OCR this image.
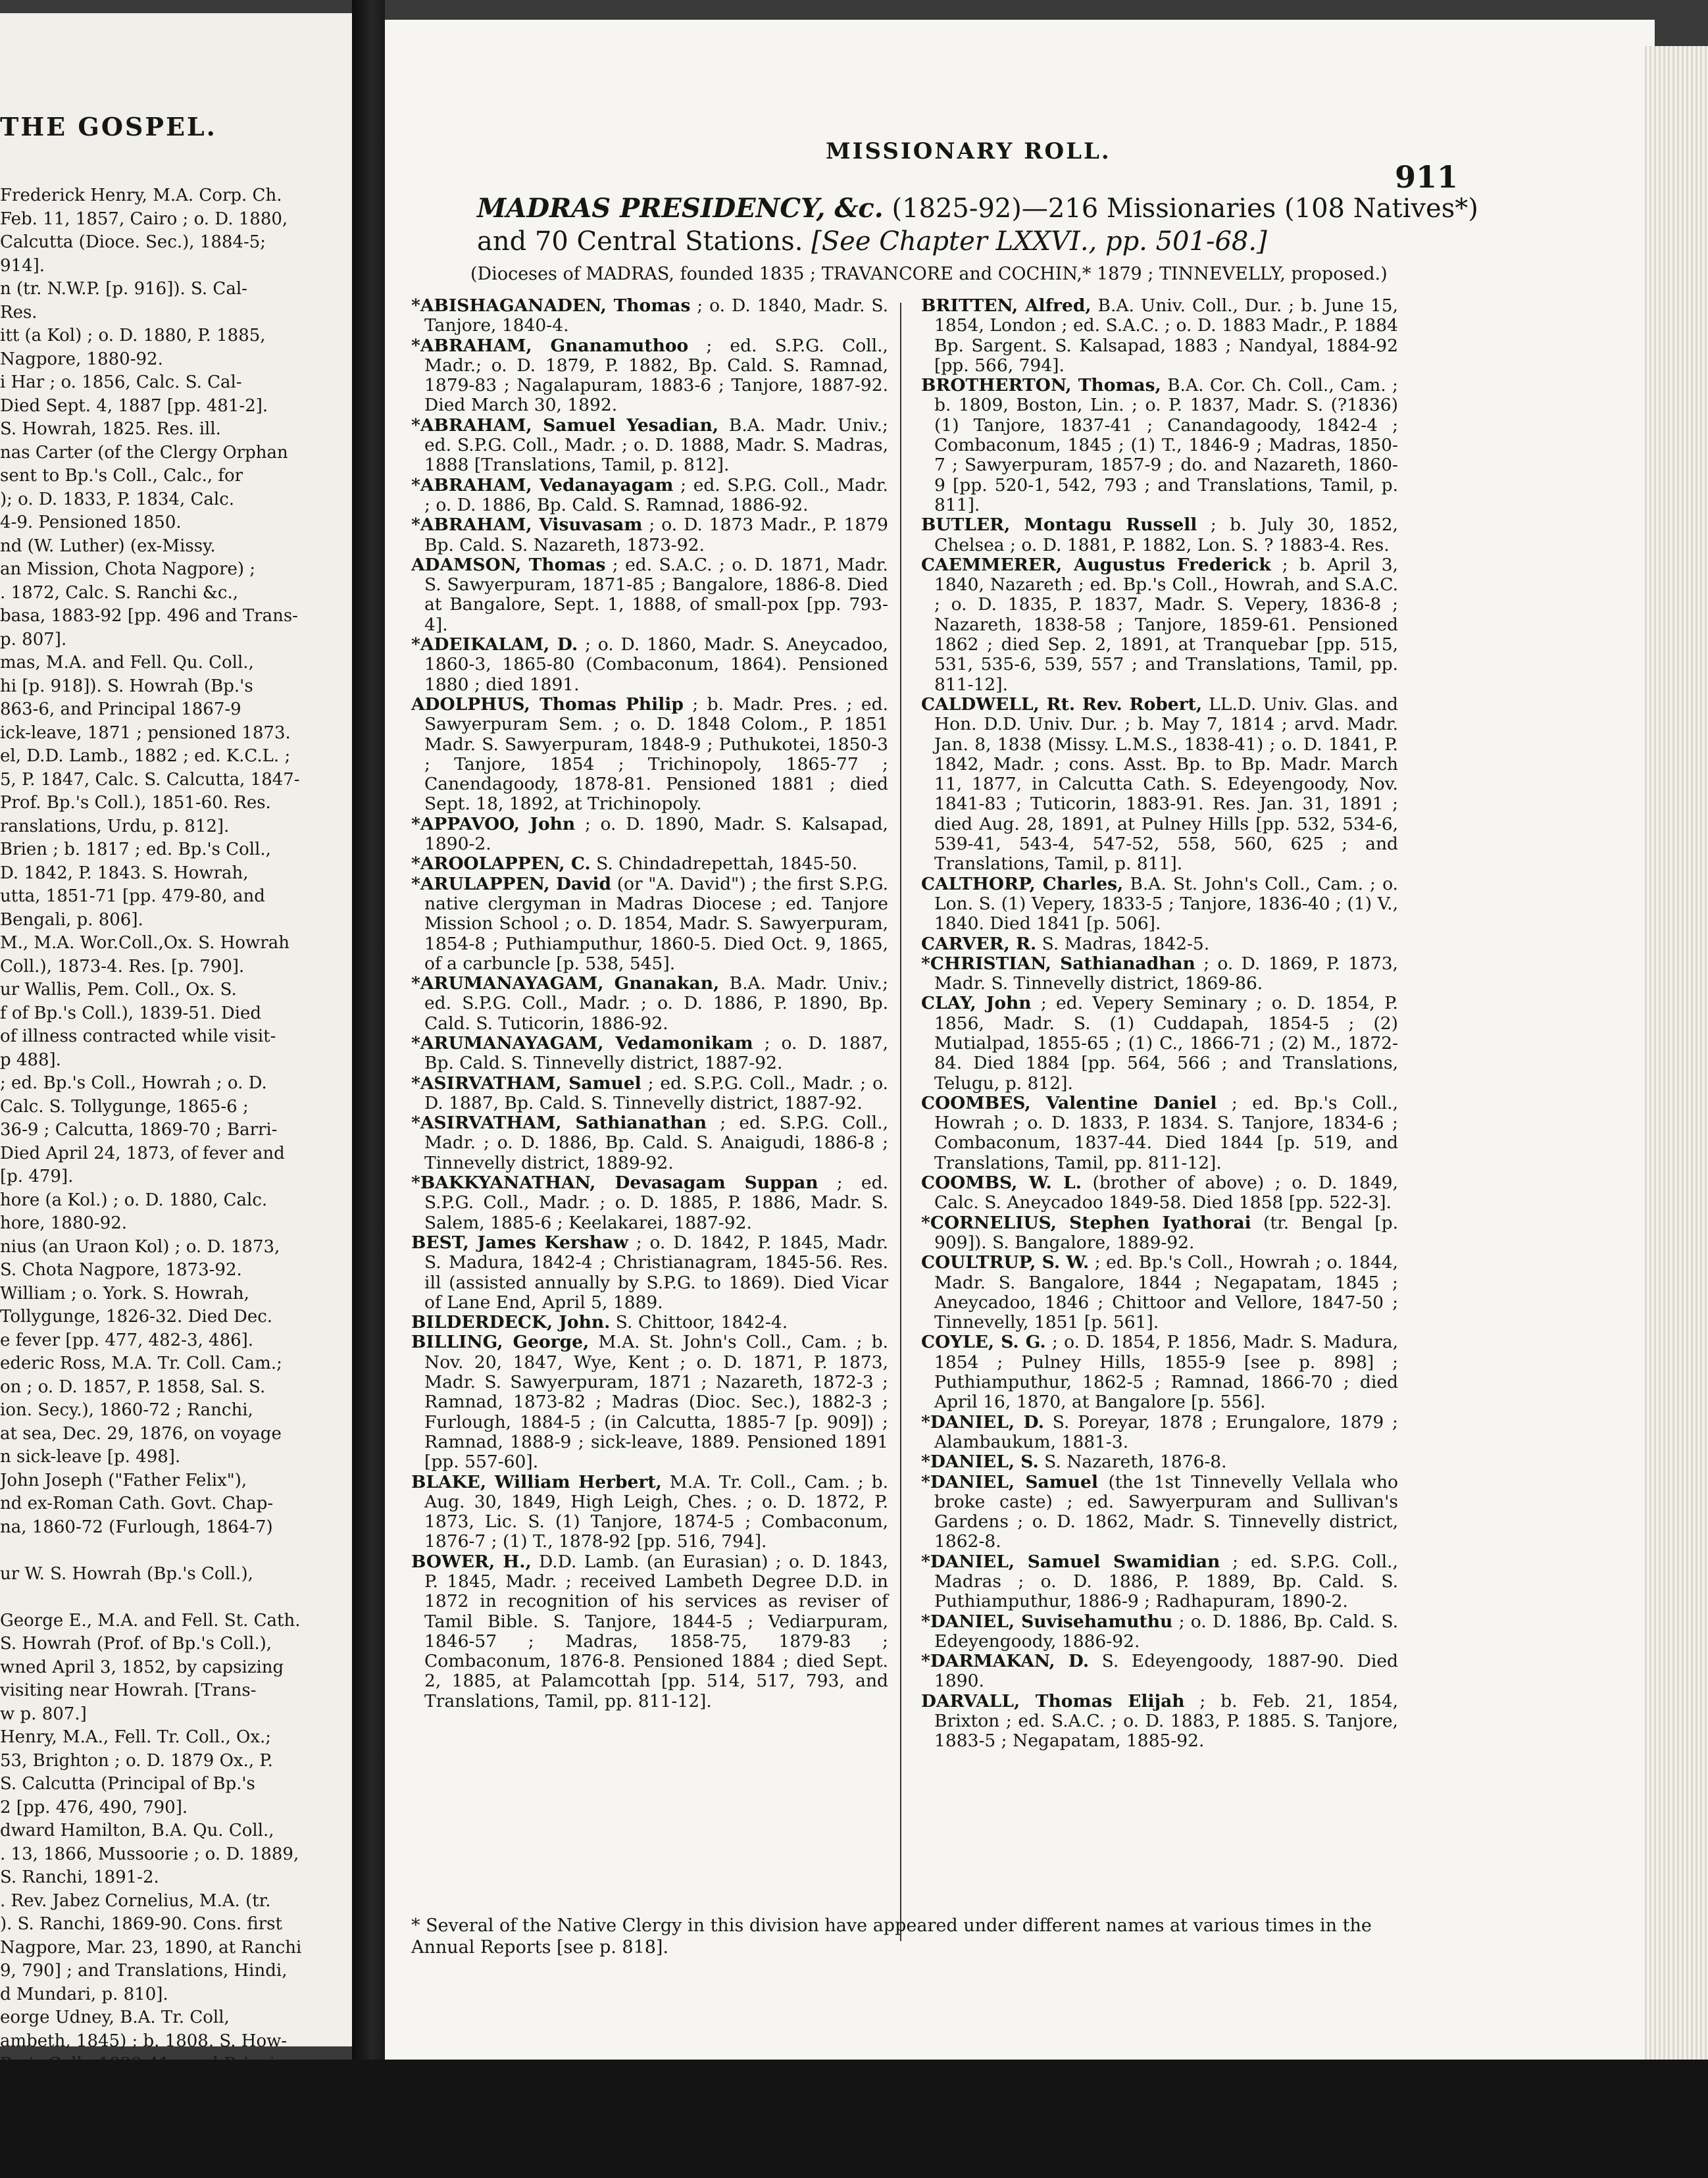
THE GOSPEL.
Frederick Henry, M.A. Corp. Ch.
Feb. 11, 1857, Cairo ; o. D. 1880,
Calcutta (Dioce. Sec.), 1884-5;
914].
n (tr. N.W.P. [p. 916]). S. Cal-
Res.
itt (a Kol) ; o. D. 1880, P. 1885,
Nagpore, 1880-92.
i Har ; o. 1856, Calc. S. Cal-
Died Sept. 4, 1887 [pp. 481-2].
S. Howrah, 1825. Res. ill.
nas Carter (of the Clergy Orphan
sent to Bp.'s Coll., Calc., for
); o. D. 1833, P. 1834, Calc.
4-9. Pensioned 1850.
nd (W. Luther) (ex-Missy.
an Mission, Chota Nagpore) ;
. 1872, Calc. S. Ranchi &c.,
basa, 1883-92 [pp. 496 and Trans-
p. 807].
mas, M.A. and Fell. Qu. Coll.,
hi [p. 918]). S. Howrah (Bp.'s
863-6, and Principal 1867-9
ick-leave, 1871 ; pensioned 1873.
el, D.D. Lamb., 1882 ; ed. K.C.L. ;
5, P. 1847, Calc. S. Calcutta, 1847-
Prof. Bp.'s Coll.), 1851-60. Res.
ranslations, Urdu, p. 812].
Brien ; b. 1817 ; ed. Bp.'s Coll.,
D. 1842, P. 1843. S. Howrah,
utta, 1851-71 [pp. 479-80, and
Bengali, p. 806].
M., M.A. Wor.Coll.,Ox. S. Howrah
Coll.), 1873-4. Res. [p. 790].
ur Wallis, Pem. Coll., Ox. S.
f of Bp.'s Coll.), 1839-51. Died
of illness contracted while visit-
p 488].
; ed. Bp.'s Coll., Howrah ; o. D.
Calc. S. Tollygunge, 1865-6 ;
36-9 ; Calcutta, 1869-70 ; Barri-
Died April 24, 1873, of fever and
[p. 479].
hore (a Kol.) ; o. D. 1880, Calc.
hore, 1880-92.
nius (an Uraon Kol) ; o. D. 1873,
S. Chota Nagpore, 1873-92.
William ; o. York. S. Howrah,
Tollygunge, 1826-32. Died Dec.
e fever [pp. 477, 482-3, 486].
ederic Ross, M.A. Tr. Coll. Cam.;
on ; o. D. 1857, P. 1858, Sal. S.
ion. Secy.), 1860-72 ; Ranchi,
at sea, Dec. 29, 1876, on voyage
n sick-leave [p. 498].
John Joseph ("Father Felix"),
nd ex-Roman Cath. Govt. Chap-
na, 1860-72 (Furlough, 1864-7)

ur W. S. Howrah (Bp.'s Coll.),

George E., M.A. and Fell. St. Cath.
S. Howrah (Prof. of Bp.'s Coll.),
wned April 3, 1852, by capsizing
visiting near Howrah. [Trans-
w p. 807.]
Henry, M.A., Fell. Tr. Coll., Ox.;
53, Brighton ; o. D. 1879 Ox., P.
S. Calcutta (Principal of Bp.'s
2 [pp. 476, 490, 790].
dward Hamilton, B.A. Qu. Coll.,
. 13, 1866, Mussoorie ; o. D. 1889,
S. Ranchi, 1891-2.
. Rev. Jabez Cornelius, M.A. (tr.
). S. Ranchi, 1869-90. Cons. first
Nagpore, Mar. 23, 1890, at Ranchi
9, 790] ; and Translations, Hindi,
d Mundari, p. 810].
eorge Udney, B.A. Tr. Coll,
ambeth, 1845) ; b. 1808. S. How-
MISSIONARY ROLL.
911
MADRAS PRESIDENCY, &c. (1825-92)—216 Missionaries (108 Natives*) and 70 Central Stations. [See Chapter LXXVI., pp. 501-68.]
(Dioceses of MADRAS, founded 1835 ; TRAVANCORE and COCHIN,* 1879 ; TINNEVELLY, proposed.)

*ABISHAGANADEN, Thomas ; o. D. 1840, Madr. S. Tanjore, 1840-4.

*ABRAHAM, Gnanamuthoo ; ed. S.P.G. Coll., Madr.; o. D. 1879, P. 1882, Bp. Cald. S. Ramnad, 1879-83 ; Nagalapuram, 1883-6 ; Tanjore, 1887-92. Died March 30, 1892.

*ABRAHAM, Samuel Yesadian, B.A. Madr. Univ.; ed. S.P.G. Coll., Madr. ; o. D. 1888, Madr. S. Madras, 1888 [Translations, Tamil, p. 812].

*ABRAHAM, Vedanayagam ; ed. S.P.G. Coll., Madr. ; o. D. 1886, Bp. Cald. S. Ramnad, 1886-92.

*ABRAHAM, Visuvasam ; o. D. 1873 Madr., P. 1879 Bp. Cald. S. Nazareth, 1873-92.

ADAMSON, Thomas ; ed. S.A.C. ; o. D. 1871, Madr. S. Sawyerpuram, 1871-85 ; Bangalore, 1886-8. Died at Bangalore, Sept. 1, 1888, of small-pox [pp. 793-4].

*ADEIKALAM, D. ; o. D. 1860, Madr. S. Aneycadoo, 1860-3, 1865-80 (Combaconum, 1864). Pensioned 1880 ; died 1891.

ADOLPHUS, Thomas Philip ; b. Madr. Pres. ; ed. Sawyerpuram Sem. ; o. D. 1848 Colom., P. 1851 Madr. S. Sawyerpuram, 1848-9 ; Puthukotei, 1850-3 ; Tanjore, 1854 ; Trichinopoly, 1865-77 ; Canendagoody, 1878-81. Pensioned 1881 ; died Sept. 18, 1892, at Trichinopoly.

*APPAVOO, John ; o. D. 1890, Madr. S. Kalsapad, 1890-2.

*AROOLAPPEN, C. S. Chindadrepettah, 1845-50.

*ARULAPPEN, David (or "A. David") ; the first S.P.G. native clergyman in Madras Diocese ; ed. Tanjore Mission School ; o. D. 1854, Madr. S. Sawyerpuram, 1854-8 ; Puthiamputhur, 1860-5. Died Oct. 9, 1865, of a carbuncle [p. 538, 545].

*ARUMANAYAGAM, Gnanakan, B.A. Madr. Univ.; ed. S.P.G. Coll., Madr. ; o. D. 1886, P. 1890, Bp. Cald. S. Tuticorin, 1886-92.

*ARUMANAYAGAM, Vedamonikam ; o. D. 1887, Bp. Cald. S. Tinnevelly district, 1887-92.

*ASIRVATHAM, Samuel ; ed. S.P.G. Coll., Madr. ; o. D. 1887, Bp. Cald. S. Tinnevelly district, 1887-92.

*ASIRVATHAM, Sathianathan ; ed. S.P.G. Coll., Madr. ; o. D. 1886, Bp. Cald. S. Anaigudi, 1886-8 ; Tinnevelly district, 1889-92.

*BAKKYANATHAN, Devasagam Suppan ; ed. S.P.G. Coll., Madr. ; o. D. 1885, P. 1886, Madr. S. Salem, 1885-6 ; Keelakarei, 1887-92.

BEST, James Kershaw ; o. D. 1842, P. 1845, Madr. S. Madura, 1842-4 ; Christianagram, 1845-56. Res. ill (assisted annually by S.P.G. to 1869). Died Vicar of Lane End, April 5, 1889.

BILDERDECK, John. S. Chittoor, 1842-4.

BILLING, George, M.A. St. John's Coll., Cam. ; b. Nov. 20, 1847, Wye, Kent ; o. D. 1871, P. 1873, Madr. S. Sawyerpuram, 1871 ; Nazareth, 1872-3 ; Ramnad, 1873-82 ; Madras (Dioc. Sec.), 1882-3 ; Furlough, 1884-5 ; (in Calcutta, 1885-7 [p. 909]) ; Ramnad, 1888-9 ; sick-leave, 1889. Pensioned 1891 [pp. 557-60].

BLAKE, William Herbert, M.A. Tr. Coll., Cam. ; b. Aug. 30, 1849, High Leigh, Ches. ; o. D. 1872, P. 1873, Lic. S. (1) Tanjore, 1874-5 ; Combaconum, 1876-7 ; (1) T., 1878-92 [pp. 516, 794].

BOWER, H., D.D. Lamb. (an Eurasian) ; o. D. 1843, P. 1845, Madr. ; received Lambeth Degree D.D. in 1872 in recognition of his services as reviser of Tamil Bible. S. Tanjore, 1844-5 ; Vediarpuram, 1846-57 ; Madras, 1858-75, 1879-83 ; Combaconum, 1876-8. Pensioned 1884 ; died Sept. 2, 1885, at Palamcottah [pp. 514, 517, 793, and Translations, Tamil, pp. 811-12].

BRITTEN, Alfred, B.A. Univ. Coll., Dur. ; b. June 15, 1854, London ; ed. S.A.C. ; o. D. 1883 Madr., P. 1884 Bp. Sargent. S. Kalsapad, 1883 ; Nandyal, 1884-92 [pp. 566, 794].

BROTHERTON, Thomas, B.A. Cor. Ch. Coll., Cam. ; b. 1809, Boston, Lin. ; o. P. 1837, Madr. S. (?1836) (1) Tanjore, 1837-41 ; Canandagoody, 1842-4 ; Combaconum, 1845 ; (1) T., 1846-9 ; Madras, 1850-7 ; Sawyerpuram, 1857-9 ; do. and Nazareth, 1860-9 [pp. 520-1, 542, 793 ; and Translations, Tamil, p. 811].

BUTLER, Montagu Russell ; b. July 30, 1852, Chelsea ; o. D. 1881, P. 1882, Lon. S. ? 1883-4. Res.

CAEMMERER, Augustus Frederick ; b. April 3, 1840, Nazareth ; ed. Bp.'s Coll., Howrah, and S.A.C. ; o. D. 1835, P. 1837, Madr. S. Vepery, 1836-8 ; Nazareth, 1838-58 ; Tanjore, 1859-61. Pensioned 1862 ; died Sep. 2, 1891, at Tranquebar [pp. 515, 531, 535-6, 539, 557 ; and Translations, Tamil, pp. 811-12].

CALDWELL, Rt. Rev. Robert, LL.D. Univ. Glas. and Hon. D.D. Univ. Dur. ; b. May 7, 1814 ; arvd. Madr. Jan. 8, 1838 (Missy. L.M.S., 1838-41) ; o. D. 1841, P. 1842, Madr. ; cons. Asst. Bp. to Bp. Madr. March 11, 1877, in Calcutta Cath. S. Edeyengoody, Nov. 1841-83 ; Tuticorin, 1883-91. Res. Jan. 31, 1891 ; died Aug. 28, 1891, at Pulney Hills [pp. 532, 534-6, 539-41, 543-4, 547-52, 558, 560, 625 ; and Translations, Tamil, p. 811].

CALTHORP, Charles, B.A. St. John's Coll., Cam. ; o. Lon. S. (1) Vepery, 1833-5 ; Tanjore, 1836-40 ; (1) V., 1840. Died 1841 [p. 506].

CARVER, R. S. Madras, 1842-5.

*CHRISTIAN, Sathianadhan ; o. D. 1869, P. 1873, Madr. S. Tinnevelly district, 1869-86.

CLAY, John ; ed. Vepery Seminary ; o. D. 1854, P. 1856, Madr. S. (1) Cuddapah, 1854-5 ; (2) Mutialpad, 1855-65 ; (1) C., 1866-71 ; (2) M., 1872-84. Died 1884 [pp. 564, 566 ; and Translations, Telugu, p. 812].

COOMBES, Valentine Daniel ; ed. Bp.'s Coll., Howrah ; o. D. 1833, P. 1834. S. Tanjore, 1834-6 ; Combaconum, 1837-44. Died 1844 [p. 519, and Translations, Tamil, pp. 811-12].

COOMBS, W. L. (brother of above) ; o. D. 1849, Calc. S. Aneycadoo 1849-58. Died 1858 [pp. 522-3].

*CORNELIUS, Stephen Iyathorai (tr. Bengal [p. 909]). S. Bangalore, 1889-92.

COULTRUP, S. W. ; ed. Bp.'s Coll., Howrah ; o. 1844, Madr. S. Bangalore, 1844 ; Negapatam, 1845 ; Aneycadoo, 1846 ; Chittoor and Vellore, 1847-50 ; Tinnevelly, 1851 [p. 561].

COYLE, S. G. ; o. D. 1854, P. 1856, Madr. S. Madura, 1854 ; Pulney Hills, 1855-9 [see p. 898] ; Puthiamputhur, 1862-5 ; Ramnad, 1866-70 ; died April 16, 1870, at Bangalore [p. 556].

*DANIEL, D. S. Poreyar, 1878 ; Erungalore, 1879 ; Alambaukum, 1881-3.

*DANIEL, S. S. Nazareth, 1876-8.

*DANIEL, Samuel (the 1st Tinnevelly Vellala who broke caste) ; ed. Sawyerpuram and Sullivan's Gardens ; o. D. 1862, Madr. S. Tinnevelly district, 1862-8.

*DANIEL, Samuel Swamidian ; ed. S.P.G. Coll., Madras ; o. D. 1886, P. 1889, Bp. Cald. S. Puthiamputhur, 1886-9 ; Radhapuram, 1890-2.

*DANIEL, Suvisehamuthu ; o. D. 1886, Bp. Cald. S. Edeyengoody, 1886-92.

*DARMAKAN, D. S. Edeyengoody, 1887-90. Died 1890.

DARVALL, Thomas Elijah ; b. Feb. 21, 1854, Brixton ; ed. S.A.C. ; o. D. 1883, P. 1885. S. Tanjore, 1883-5 ; Negapatam, 1885-92.

* Several of the Native Clergy in this division have appeared under different names at various times in the Annual Reports [see p. 818].
